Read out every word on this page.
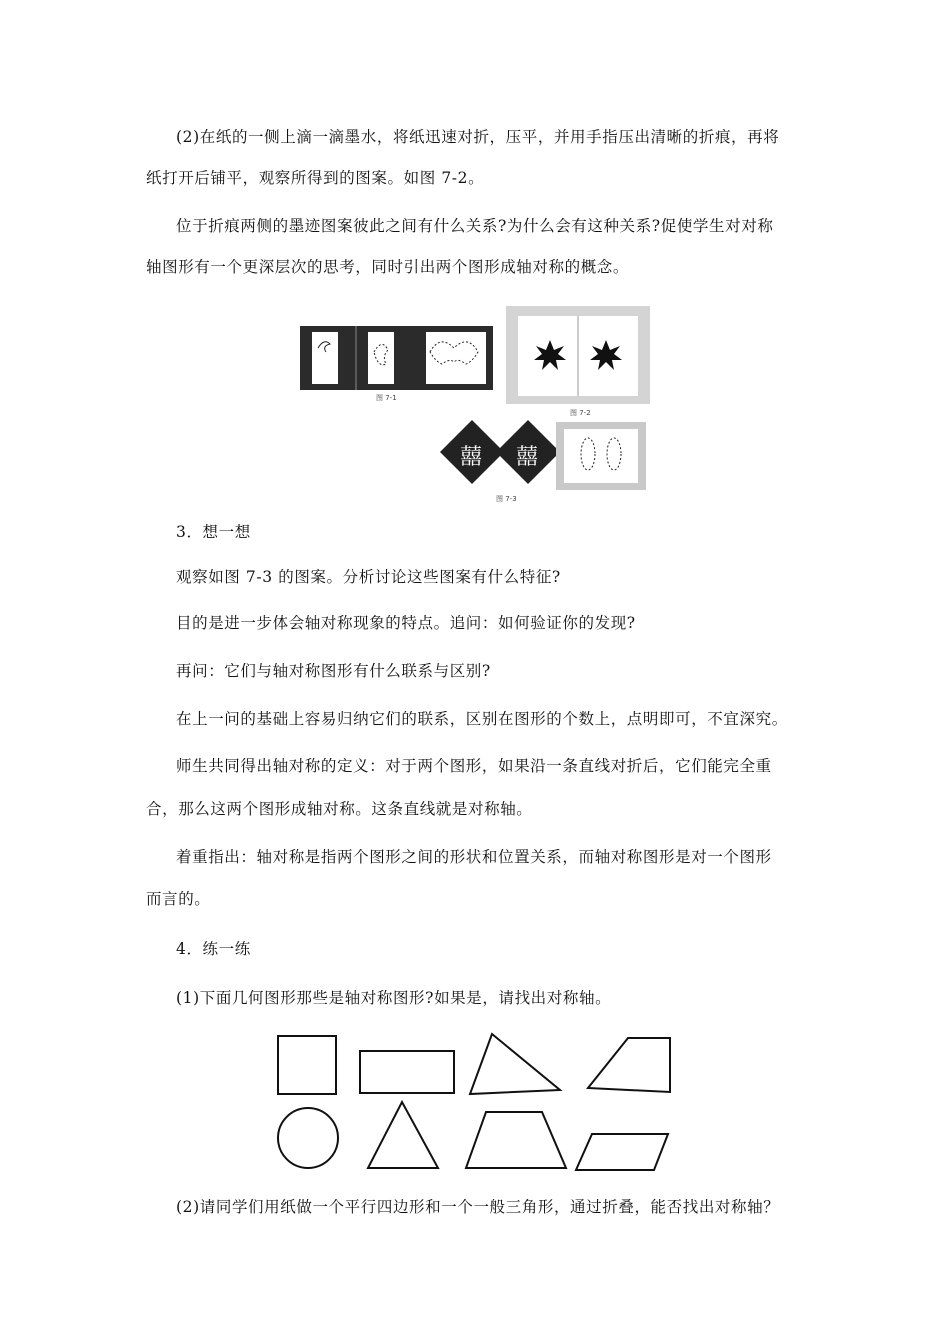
(2)在纸的一侧上滴一滴墨水，将纸迅速对折，压平，并用手指压出清晰的折痕，再将
纸打开后铺平，观察所得到的图案。如图 7-2。
位于折痕两侧的墨迹图案彼此之间有什么关系?为什么会有这种关系?促使学生对对称
轴图形有一个更深层次的思考，同时引出两个图形成轴对称的概念。
囍 囍
图 7-1
图 7-2
图 7-3
3．想一想
观察如图 7-3 的图案。分析讨论这些图案有什么特征?
目的是进一步体会轴对称现象的特点。追问：如何验证你的发现?
再问：它们与轴对称图形有什么联系与区别?
在上一问的基础上容易归纳它们的联系，区别在图形的个数上，点明即可，不宜深究。
师生共同得出轴对称的定义：对于两个图形，如果沿一条直线对折后，它们能完全重
合，那么这两个图形成轴对称。这条直线就是对称轴。
着重指出：轴对称是指两个图形之间的形状和位置关系，而轴对称图形是对一个图形
而言的。
4．练一练
(1)下面几何图形那些是轴对称图形?如果是，请找出对称轴。
(2)请同学们用纸做一个平行四边形和一个一般三角形，通过折叠，能否找出对称轴？
